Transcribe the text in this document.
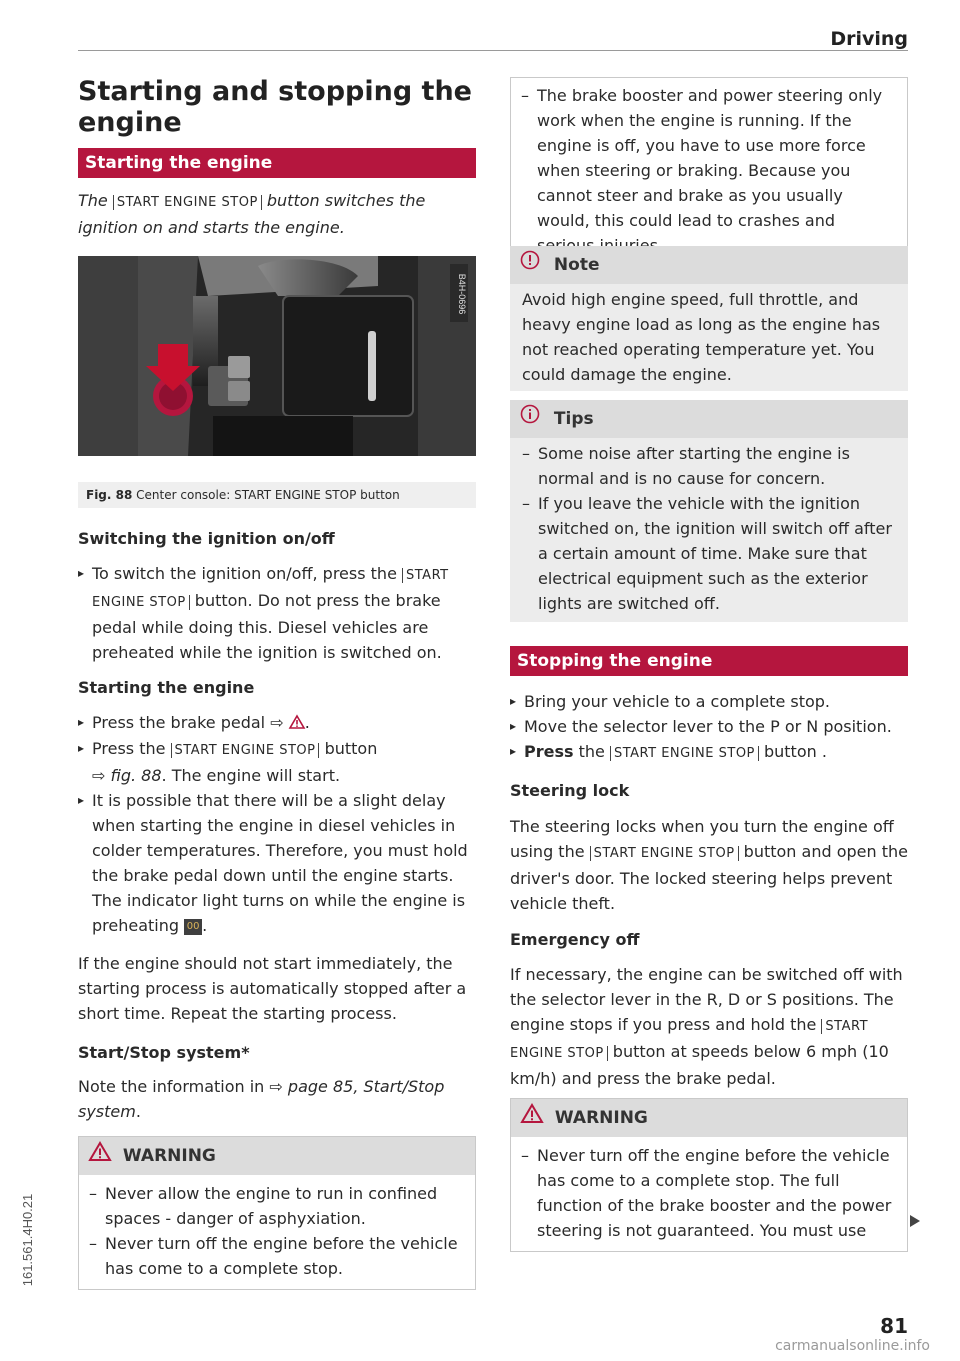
Driving
Starting and stopping the engine
Starting the engine
The START ENGINE STOP button switches the ignition on and starts the engine.
B4H-0696
Fig. 88 Center console: START ENGINE STOP button
Switching the ignition on/off
▸ To switch the ignition on/off, press the START ENGINE STOP button. Do not press the brake pedal while doing this. Diesel vehicles are preheated while the ignition is switched on.
Starting the engine
▸ Press the brake pedal ⇨ .
▸ Press the START ENGINE STOP button
⇨ fig. 88. The engine will start.
▸ It is possible that there will be a slight delay when starting the engine in diesel vehicles in colder temperatures. Therefore, you must hold the brake pedal down until the engine starts. The indicator light turns on while the engine is preheating 00 .

If the engine should not start immediately, the starting process is automatically stopped after a short time. Repeat the starting process.

Start/Stop system*

Note the information in ⇨ page 85, Start/Stop system.

WARNING
– Never allow the engine to run in confined spaces - danger of asphyxiation.
– Never turn off the engine before the vehicle has come to a complete stop.
– The brake booster and power steering only work when the engine is running. If the engine is off, you have to use more force when steering or braking. Because you cannot steer and brake as you usually would, this could lead to crashes and
Note

Avoid high engine speed, full throttle, and heavy engine load as long as the engine has not reached operating temperature yet. You could damage the engine.

Tips
– Some noise after starting the engine is normal and is no cause for concern.
– If you leave the vehicle with the ignition switched on, the ignition will switch off after a certain amount of time. Make sure that electrical equipment such as the exterior lights are switched off.
Stopping the engine
▸ Bring your vehicle to a complete stop.
▸ Move the selector lever to the P or N position.
▸ Press the START ENGINE STOP button .
Steering lock

The steering locks when you turn the engine off using the START ENGINE STOP button and open the driver's door. The locked steering helps prevent vehicle theft.

Emergency off

If necessary, the engine can be switched off with the selector lever in the R, D or S positions. The engine stops if you press and hold the START ENGINE STOP button at speeds below 6 mph (10 km/h) and press the brake pedal.

WARNING
– Never turn off the engine before the vehicle has come to a complete stop. The full function of the brake booster and the power steering is not guaranteed. You must use
161.561.4H0.21
81
carmanualsonline.info
